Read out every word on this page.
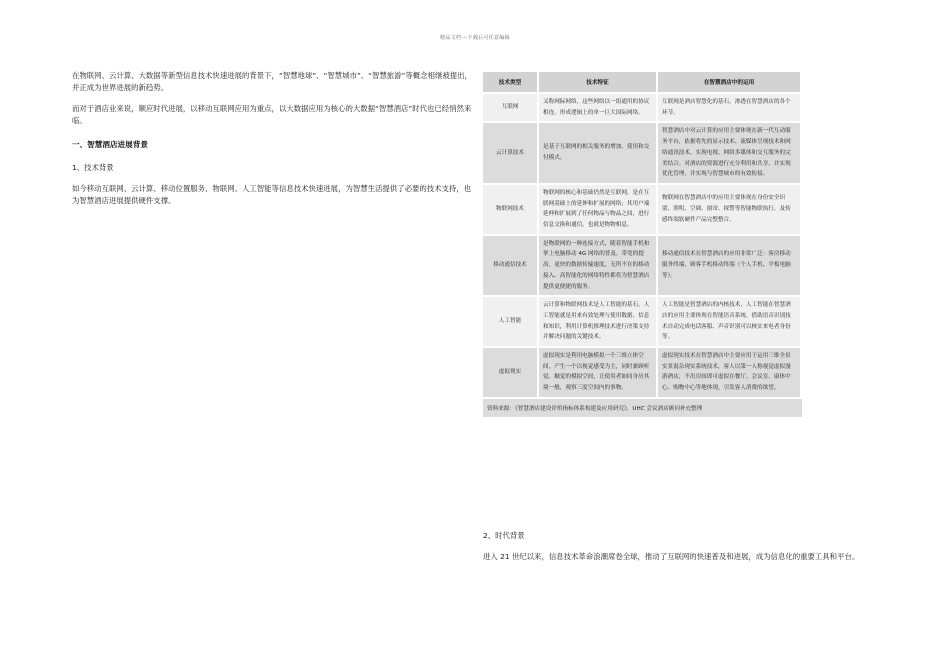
精品文档---下载后可任意编辑

在物联网、云计算、大数据等新型信息技术快速进展的背景下，“智慧地球”、“智慧城市”、“智慧旅游”等概念相继被提出，并正成为世界进展的新趋势。

而对于酒店业来说，顺应时代进展，以移动互联网应用为重点，以大数据应用为核心的大数据“智慧酒店”时代也已经悄然来临。

一、智慧酒店进展背景
1、技术背景

如今移动互联网、云计算、移动位置服务、物联网、人工智能等信息技术快速进展，为智慧生活提供了必要的技术支持，也为智慧酒店进展提供硬件支撑。

技术类型	技术特征	在智慧酒店中的运用
互联网	又称网际网络，这些网络以一组通用的协议相连，形成逻辑上的单一巨大国际网络。	互联网是酒店智慧化的基石，渗透在智慧酒店的各个环节。
云计算技术	是基于互联网的相关服务的增加、使用和交付模式。	智慧酒店中对云计算的应用主要体现在新一代互动服务平台，依据将先的显示技术、流媒体呈现技术和网络通讯技术，实现电视、网络多媒体和交互服务的完美结合。对酒店的资源进行充分利用和共享，并实现优化管理，并实现与智慧城市的有效衔接。
物联网技术	物联网的核心和基础仍然是互联网，是在互联网基础上的延伸和扩展的网络；其用户端延伸和扩展到了任何物品与物品之间，进行信息交换和通信，也就是物物相息。	物联网在智慧酒店中的应用主要体现在身份安全识别、照明、空调、窗帘、探警等智能物联执行，及传感终端软硬件产品完整整合。
移动通信技术	是物联网的一种连接方式，随着智能手机和掌上电脑移动 4G 网络的普及，带宽的提高，更快的数据传输速度，无所不在的移动接入、高智能化的网络特性都将为智慧酒店提供更便捷的服务。	移动通信技术在智慧酒店的应用非常广泛：客房移动服务终端、顾客手机移动终端（个人手机、平板电脑等）。
人工智能	云计算和物联网技术是人工智能的基石，人工智能就是用来有效处理与使用数据、信息和知识，利用计算机推理技术进行决策支持并解决问题的关键技术。	人工智能是智慧酒店的内核技术，人工智能在智慧酒店的应用主要体现在智能语音系统、借助语音识别技术自动完成电话客服、声音识别可以核实来电者身份等。
虚拟现实	虚拟现实是利用电脑模拟一个三维立体空间，产生一个以视觉感受为主，同时兼顾听觉、触觉的模拟空间，让使用者如同身历其境一般，观察三度空间内的事物。	虚拟现实技术在智慧酒店中主要应用于运用三维全景实景混杂现实系统技术，客人以第一人称视觉虚拟漫游酒店，不出房间即可虚拟在餐厅、会议室、康体中心、购物中心等地体现，引发客人消费的欲望。
资料来源：《智慧酒店建设评价指标体系构建及应用研究》，UHC 会议酒店顾问补充整理
2、时代背景

进入 21 世纪以来，信息技术革命浪潮席卷全球，推动了互联网的快速普及和进展，成为信息化的重要工具和平台。
